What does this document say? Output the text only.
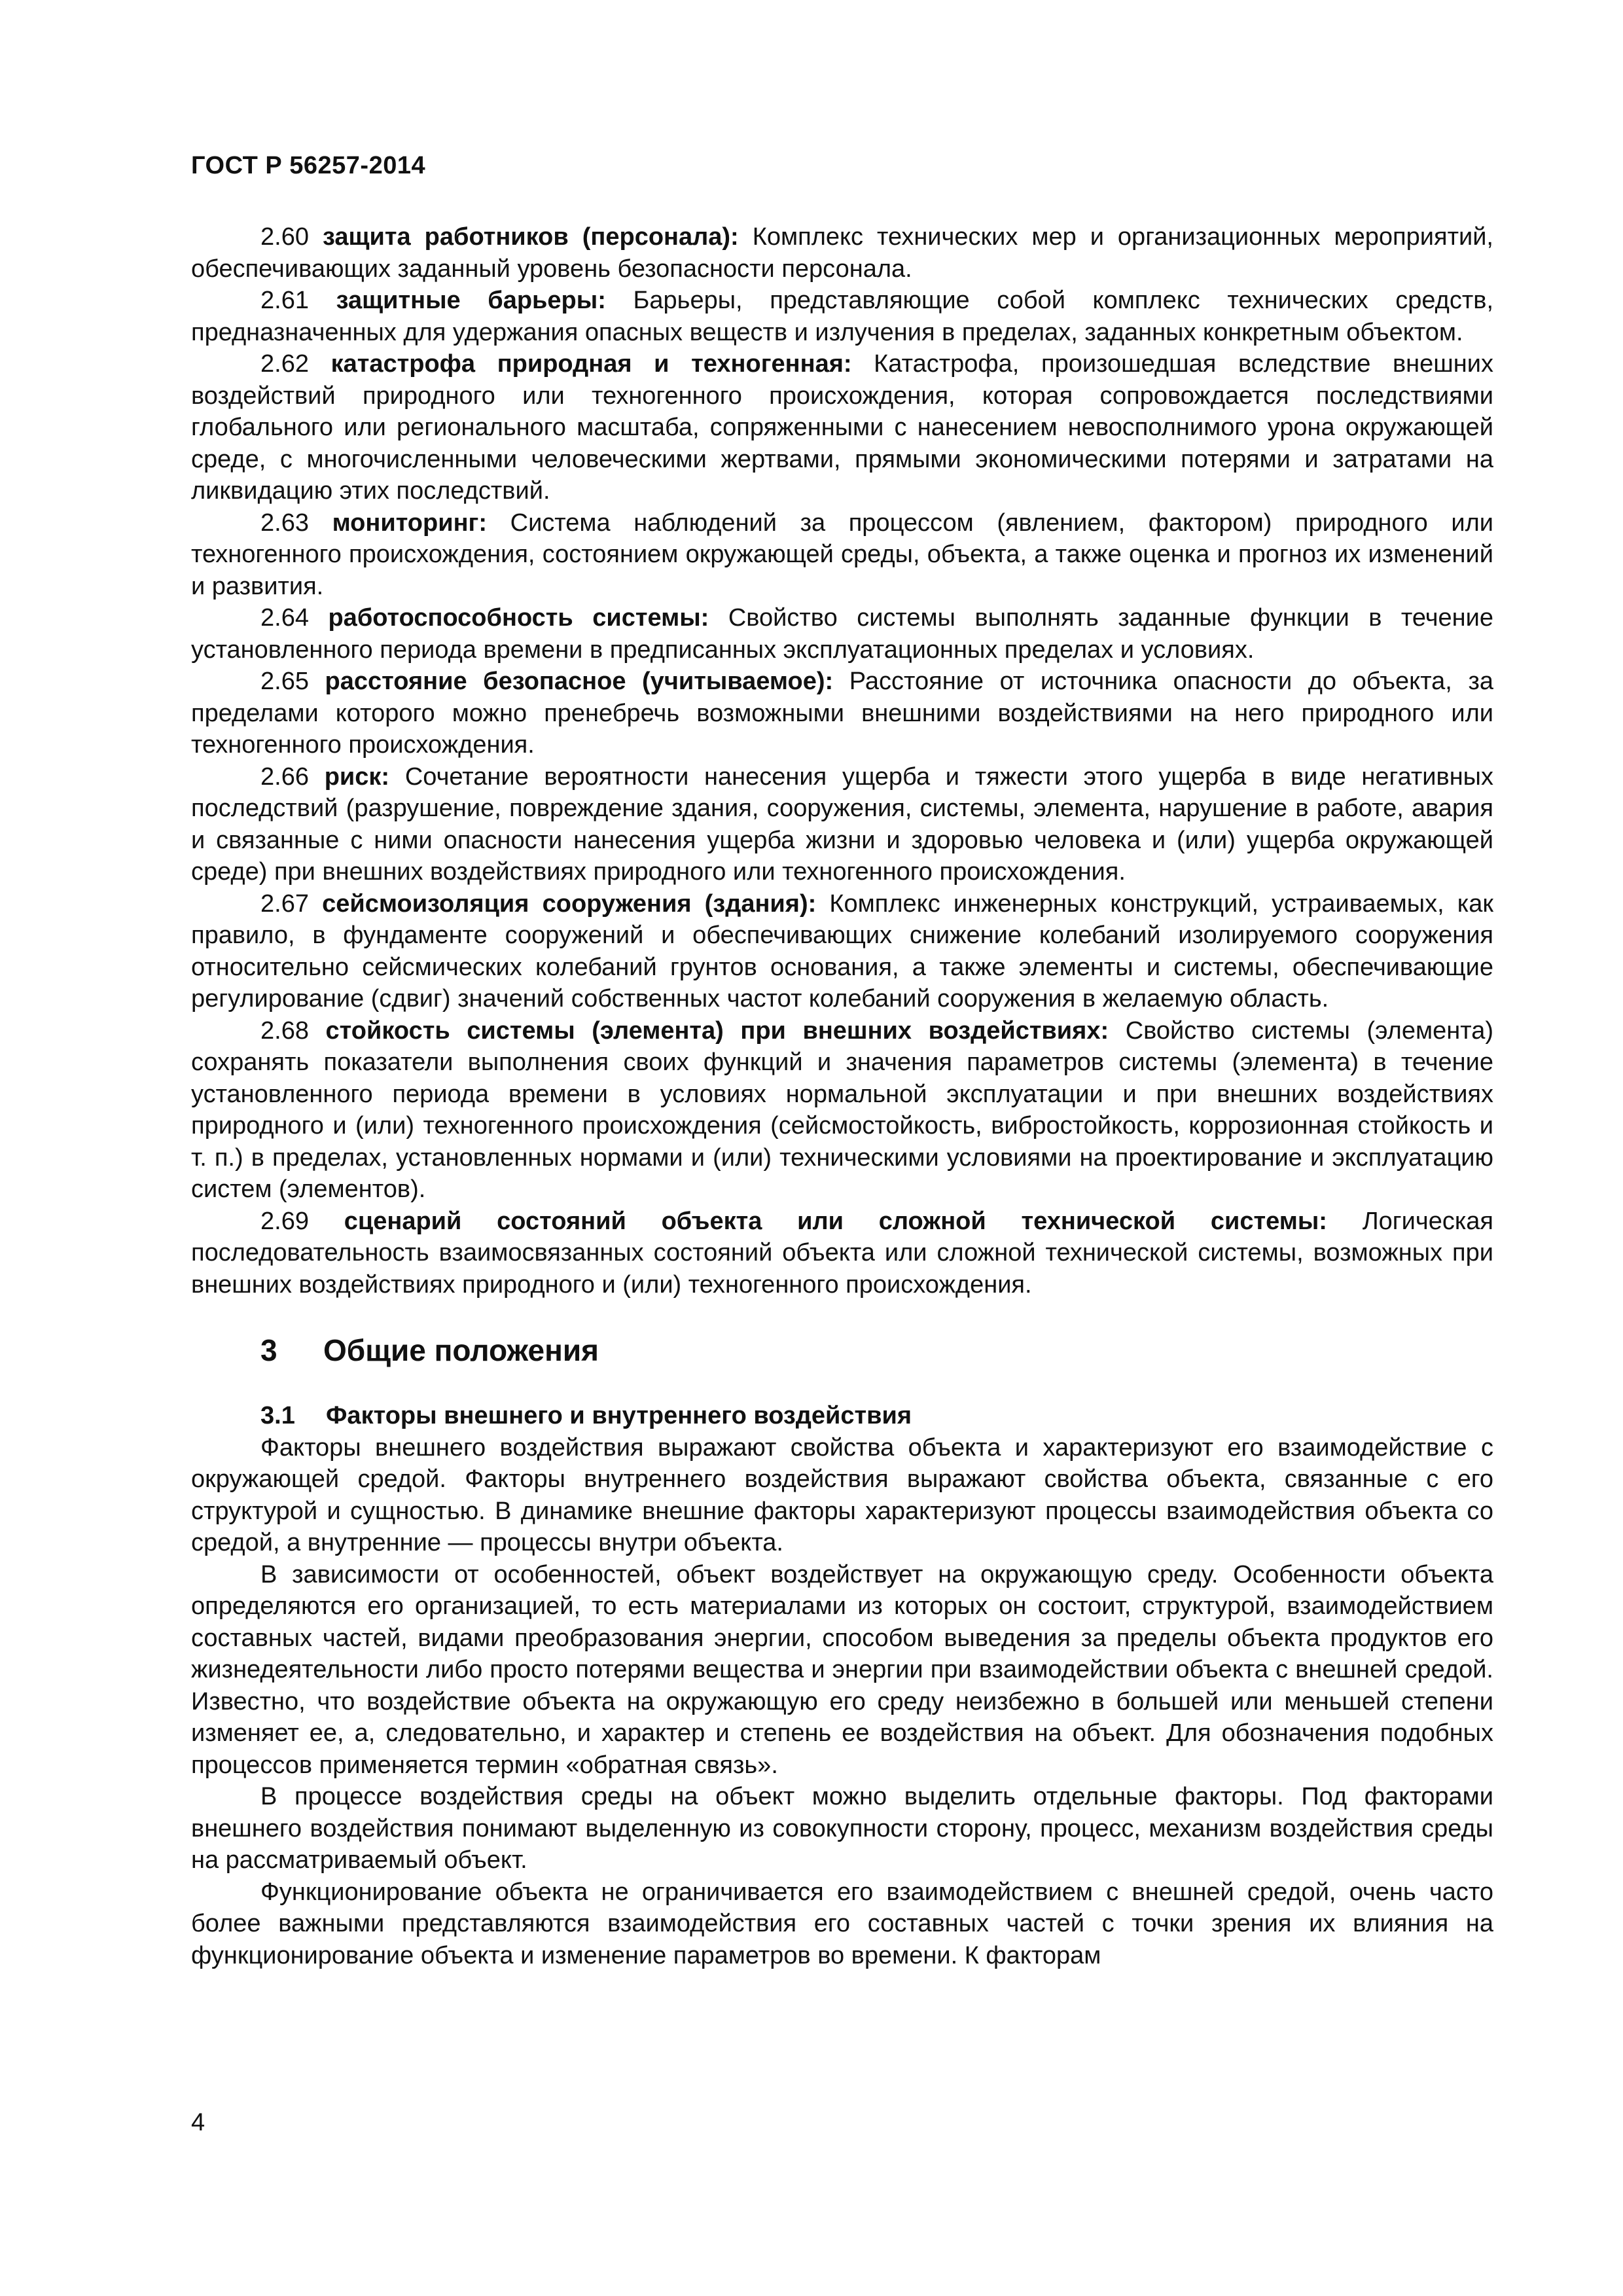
ГОСТ Р 56257-2014

2.60 защита работников (персонала): Комплекс технических мер и организационных мероприятий, обеспечивающих заданный уровень безопасности персонала.

2.61 защитные барьеры: Барьеры, представляющие собой комплекс технических средств, предназначенных для удержания опасных веществ и излучения в пределах, заданных конкретным объектом.

2.62 катастрофа природная и техногенная: Катастрофа, произошедшая вследствие внешних воздействий природного или техногенного происхождения, которая сопровождается последствиями глобального или регионального масштаба, сопряженными с нанесением невосполнимого урона окружающей среде, с многочисленными человеческими жертвами, прямыми экономическими потерями и затратами на ликвидацию этих последствий.

2.63 мониторинг: Система наблюдений за процессом (явлением, фактором) природного или техногенного происхождения, состоянием окружающей среды, объекта, а также оценка и прогноз их изменений и развития.

2.64 работоспособность системы: Свойство системы выполнять заданные функции в течение установленного периода времени в предписанных эксплуатационных пределах и условиях.

2.65 расстояние безопасное (учитываемое): Расстояние от источника опасности до объекта, за пределами которого можно пренебречь возможными внешними воздействиями на него природного или техногенного происхождения.

2.66 риск: Сочетание вероятности нанесения ущерба и тяжести этого ущерба в виде негативных последствий (разрушение, повреждение здания, сооружения, системы, элемента, нарушение в работе, авария и связанные с ними опасности нанесения ущерба жизни и здоровью человека и (или) ущерба окружающей среде) при внешних воздействиях природного или техногенного происхождения.

2.67 сейсмоизоляция сооружения (здания): Комплекс инженерных конструкций, устраиваемых, как правило, в фундаменте сооружений и обеспечивающих снижение колебаний изолируемого сооружения относительно сейсмических колебаний грунтов основания, а также элементы и системы, обеспечивающие регулирование (сдвиг) значений собственных частот колебаний сооружения в желаемую область.

2.68 стойкость системы (элемента) при внешних воздействиях: Свойство системы (элемента) сохранять показатели выполнения своих функций и значения параметров системы (элемента) в течение установленного периода времени в условиях нормальной эксплуатации и при внешних воздействиях природного и (или) техногенного происхождения (сейсмостойкость, вибростойкость, коррозионная стойкость и т. п.) в пределах, установленных нормами и (или) техническими условиями на проектирование и эксплуатацию систем (элементов).

2.69 сценарий состояний объекта или сложной технической системы: Логическая последовательность взаимосвязанных состояний объекта или сложной технической системы, возможных при внешних воздействиях природного и (или) техногенного происхождения.

3 Общие положения
3.1 Факторы внешнего и внутреннего воздействия

Факторы внешнего воздействия выражают свойства объекта и характеризуют его взаимодействие с окружающей средой. Факторы внутреннего воздействия выражают свойства объекта, связанные с его структурой и сущностью. В динамике внешние факторы характеризуют процессы взаимодействия объекта со средой, а внутренние — процессы внутри объекта.

В зависимости от особенностей, объект воздействует на окружающую среду. Особенности объекта определяются его организацией, то есть материалами из которых он состоит, структурой, взаимодействием составных частей, видами преобразования энергии, способом выведения за пределы объекта продуктов его жизнедеятельности либо просто потерями вещества и энергии при взаимодействии объекта с внешней средой. Известно, что воздействие объекта на окружающую его среду неизбежно в большей или меньшей степени изменяет ее, а, следовательно, и характер и степень ее воздействия на объект. Для обозначения подобных процессов применяется термин «обратная связь».

В процессе воздействия среды на объект можно выделить отдельные факторы. Под факторами внешнего воздействия понимают выделенную из совокупности сторону, процесс, механизм воздействия среды на рассматриваемый объект.

Функционирование объекта не ограничивается его взаимодействием с внешней средой, очень часто более важными представляются взаимодействия его составных частей с точки зрения их влияния на функционирование объекта и изменение параметров во времени. К факторам

4
